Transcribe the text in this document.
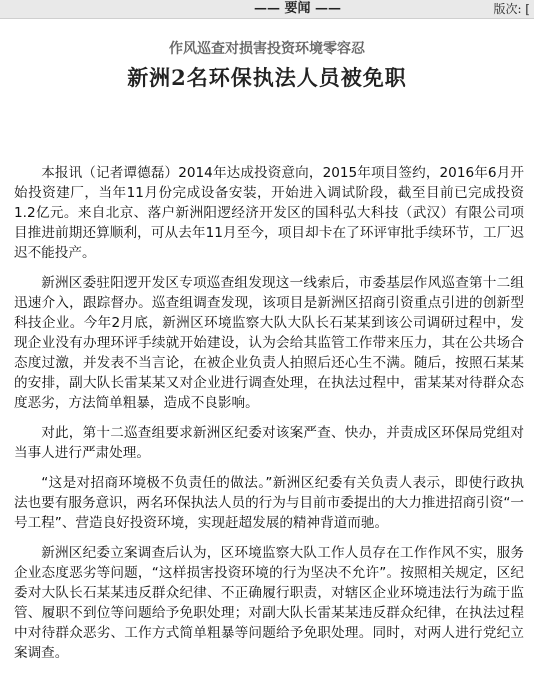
—— 要闻 ——	版次: [
作风巡查对损害投资环境零容忍
新洲2名环保执法人员被免职

本报讯（记者谭德磊）2014年达成投资意向，2015年项目签约，2016年6月开始投资建厂，当年11月份完成设备安装，开始进入调试阶段，截至目前已完成投资1.2亿元。来自北京、落户新洲阳逻经济开发区的国科弘大科技（武汉）有限公司项目推进前期还算顺利，可从去年11月至今，项目却卡在了环评审批手续环节，工厂迟迟不能投产。

新洲区委驻阳逻开发区专项巡查组发现这一线索后，市委基层作风巡查第十二组迅速介入，跟踪督办。巡查组调查发现，该项目是新洲区招商引资重点引进的创新型科技企业。今年2月底，新洲区环境监察大队大队长石某某到该公司调研过程中，发现企业没有办理环评手续就开始建设，认为会给其监管工作带来压力，其在公共场合态度过激，并发表不当言论，在被企业负责人拍照后还心生不满。随后，按照石某某的安排，副大队长雷某某又对企业进行调查处理，在执法过程中，雷某某对待群众态度恶劣，方法简单粗暴，造成不良影响。

对此，第十二巡查组要求新洲区纪委对该案严查、快办，并责成区环保局党组对当事人进行严肃处理。

“这是对招商环境极不负责任的做法。”新洲区纪委有关负责人表示，即使行政执法也要有服务意识，两名环保执法人员的行为与目前市委提出的大力推进招商引资“一号工程”、营造良好投资环境，实现赶超发展的精神背道而驰。

新洲区纪委立案调查后认为，区环境监察大队工作人员存在工作作风不实，服务企业态度恶劣等问题，“这样损害投资环境的行为坚决不允许”。按照相关规定，区纪委对大队长石某某违反群众纪律、不正确履行职责，对辖区企业环境违法行为疏于监管、履职不到位等问题给予免职处理；对副大队长雷某某违反群众纪律，在执法过程中对待群众恶劣、工作方式简单粗暴等问题给予免职处理。同时，对两人进行党纪立案调查。
